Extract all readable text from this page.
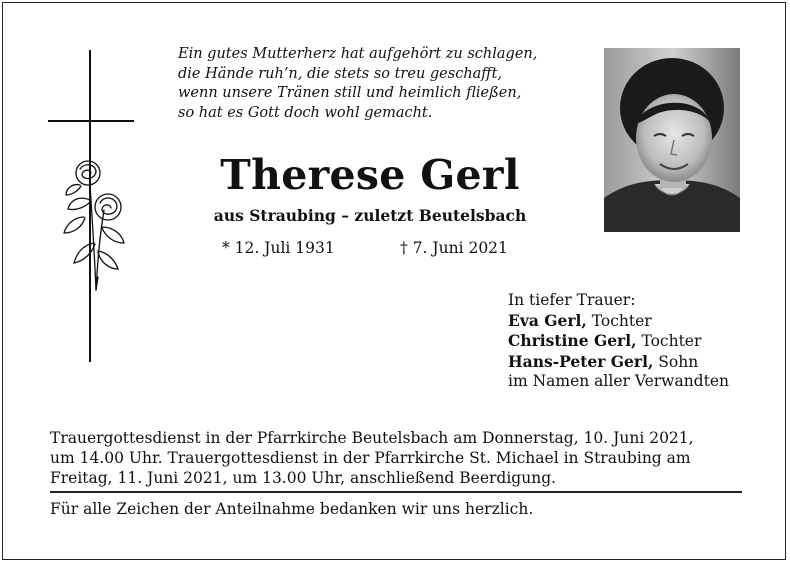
Ein gutes Mutterherz hat aufgehört zu schlagen,
die Hände ruh’n, die stets so treu geschafft,
wenn unsere Tränen still und heimlich fließen,
so hat es Gott doch wohl gemacht.
Therese Gerl
aus Straubing – zuletzt Beutelsbach
* 12. Juli 1931	† 7. Juni 2021
In tiefer Trauer:
Eva Gerl, Tochter
Christine Gerl, Tochter
Hans-Peter Gerl, Sohn
im Namen aller Verwandten
Trauergottesdienst in der Pfarrkirche Beutelsbach am Donnerstag, 10. Juni 2021,
um 14.00 Uhr. Trauergottesdienst in der Pfarrkirche St. Michael in Straubing am
Freitag, 11. Juni 2021, um 13.00 Uhr, anschließend Beerdigung.
Für alle Zeichen der Anteilnahme bedanken wir uns herzlich.
